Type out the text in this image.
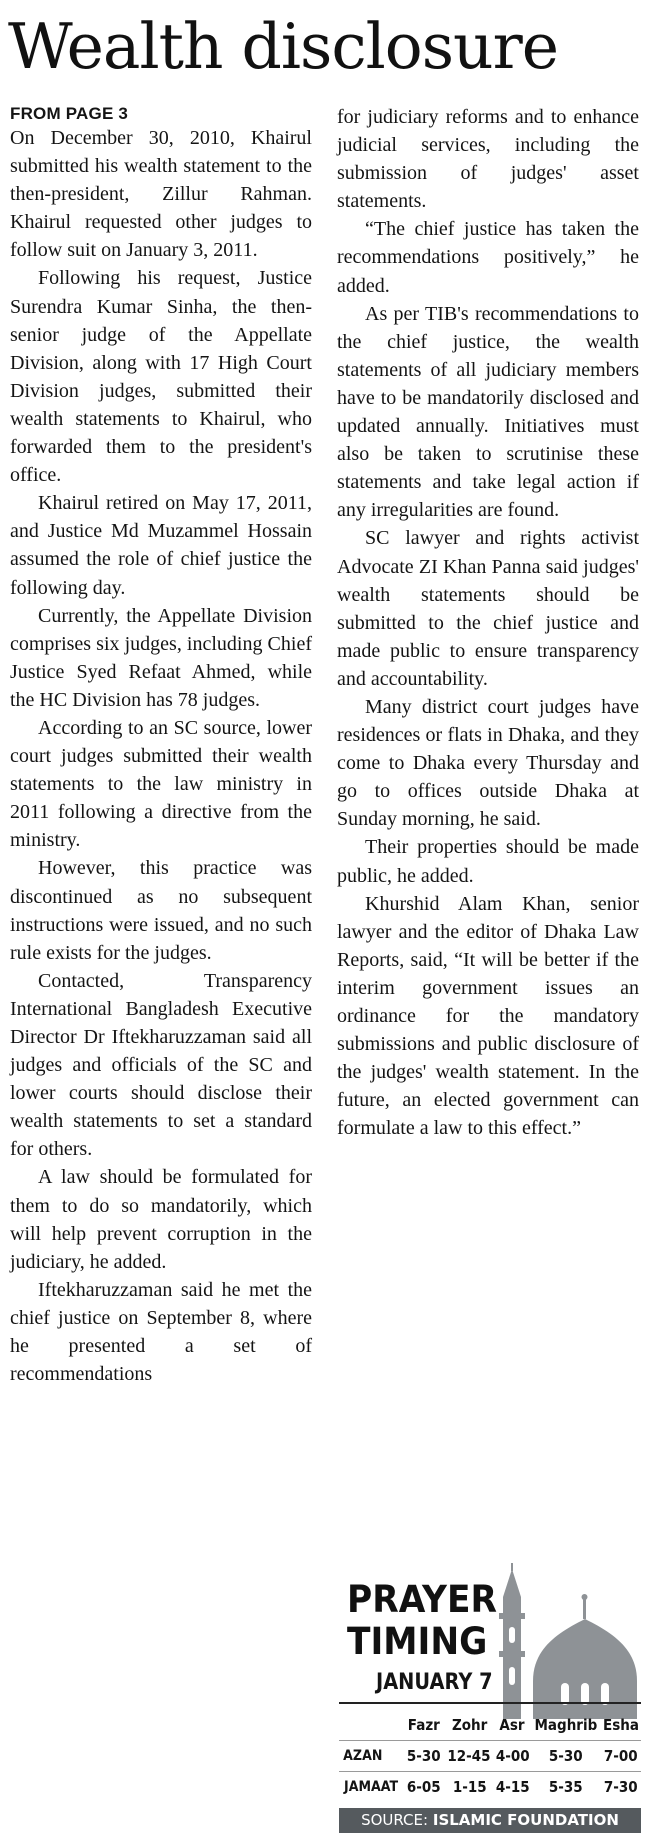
Wealth disclosure
FROM PAGE 3

On December 30, 2010, Khairul submitted his wealth statement to the then-president, Zillur Rahman. Khairul requested other judges to follow suit on January 3, 2011.

Following his request, Justice Surendra Kumar Sinha, the then-senior judge of the Appellate Division, along with 17 High Court Division judges, submitted their wealth statements to Khairul, who forwarded them to the president's office.

Khairul retired on May 17, 2011, and Justice Md Muzammel Hossain assumed the role of chief justice the following day.

Currently, the Appellate Division comprises six judges, including Chief Justice Syed Refaat Ahmed, while the HC Division has 78 judges.

According to an SC source, lower court judges submitted their wealth statements to the law ministry in 2011 following a directive from the ministry.

However, this practice was discontinued as no subsequent instructions were issued, and no such rule exists for the judges.

Contacted, Transparency International Bangladesh Executive Director Dr Iftekharuzzaman said all judges and officials of the SC and lower courts should disclose their wealth statements to set a standard for others.

A law should be formulated for them to do so mandatorily, which will help prevent corruption in the judiciary, he added.

Iftekharuzzaman said he met the chief justice on September 8, where he presented a set of recommendations

for judiciary reforms and to enhance judicial services, including the submission of judges' asset statements.

“The chief justice has taken the recommendations positively,” he added.

As per TIB's recommendations to the chief justice, the wealth statements of all judiciary members have to be mandatorily disclosed and updated annually. Initiatives must also be taken to scrutinise these statements and take legal action if any irregularities are found.

SC lawyer and rights activist Advocate ZI Khan Panna said judges' wealth statements should be submitted to the chief justice and made public to ensure transparency and accountability.

Many district court judges have residences or flats in Dhaka, and they come to Dhaka every Thursday and go to offices outside Dhaka at Sunday morning, he said.

Their properties should be made public, he added.

Khurshid Alam Khan, senior lawyer and the editor of Dhaka Law Reports, said, “It will be better if the interim government issues an ordinance for the mandatory submissions and public disclosure of the judges' wealth statement. In the future, an elected government can formulate a law to this effect.”

PRAYER
TIMING
JANUARY 7
	Fazr	Zohr	Asr	Maghrib	Esha
AZAN	5-30	12-45	4-00	5-30	7-00
JAMAAT	6-05	1-15	4-15	5-35	7-30
SOURCE: ISLAMIC FOUNDATION
